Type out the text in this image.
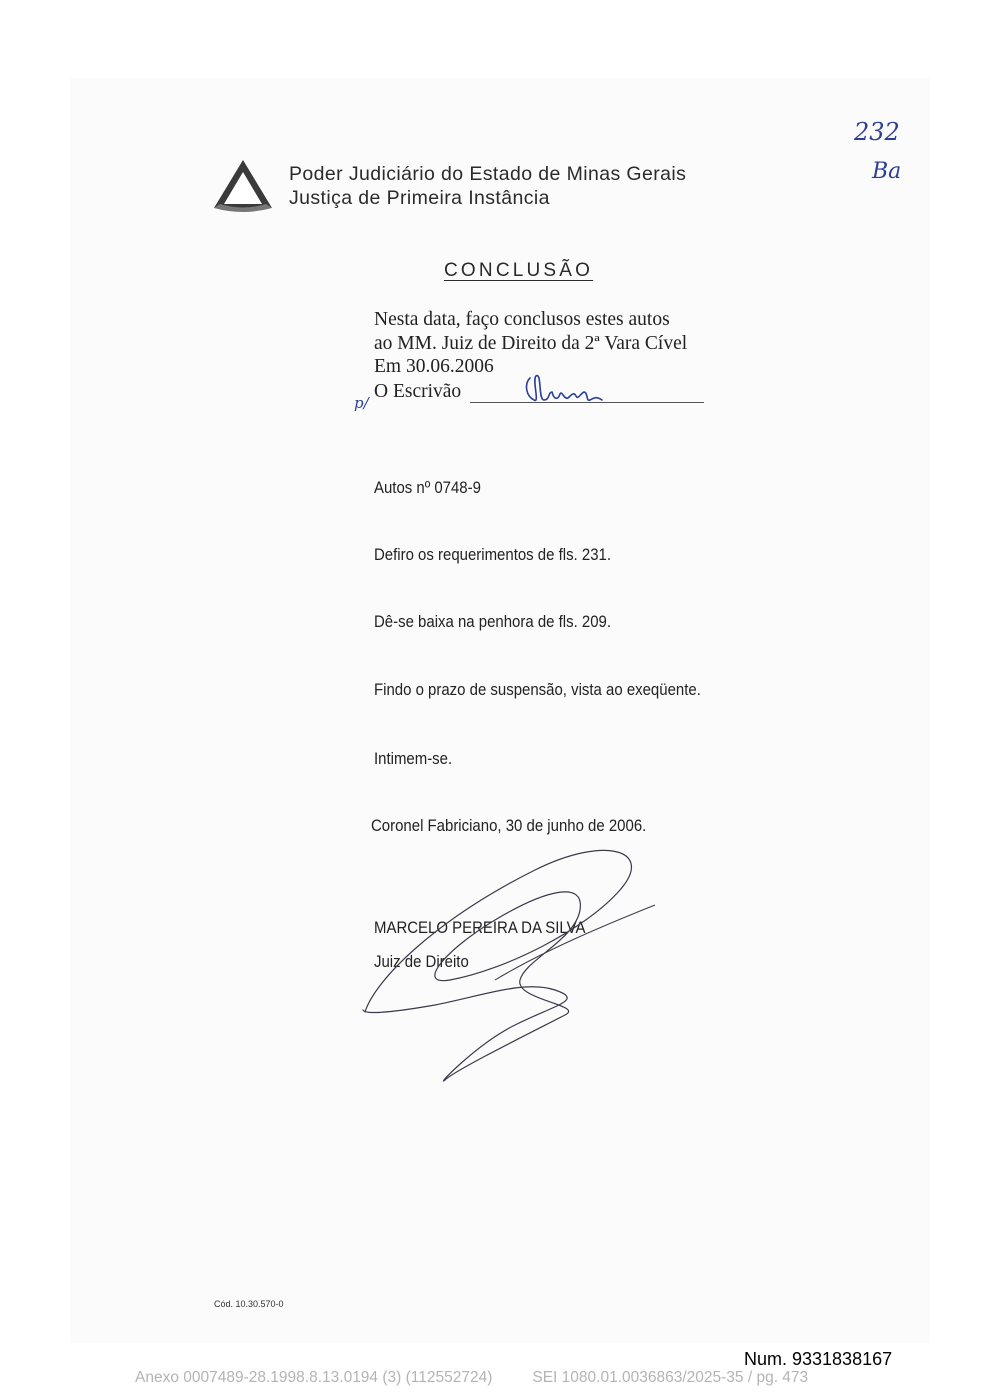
Poder Judiciário do Estado de Minas Gerais
Justiça de Primeira Instância
232
Ba
CONCLUSÃO
Nesta data, faço conclusos estes autos
ao MM. Juiz de Direito da 2ª Vara Cível
Em 30.06.2006
O Escrivão
p/
Autos nº 0748-9
Defiro os requerimentos de fls. 231.
Dê-se baixa na penhora de fls. 209.
Findo o prazo de suspensão, vista ao exeqüente.
Intimem-se.
Coronel Fabriciano, 30 de junho de 2006.
MARCELO PEREIRA DA SILVA
Juiz de Direito
Cód. 10.30.570-0
Num. 9331838167
Anexo 0007489-28.1998.8.13.0194 (3) (112552724)	SEI 1080.01.0036863/2025-35 / pg. 473
